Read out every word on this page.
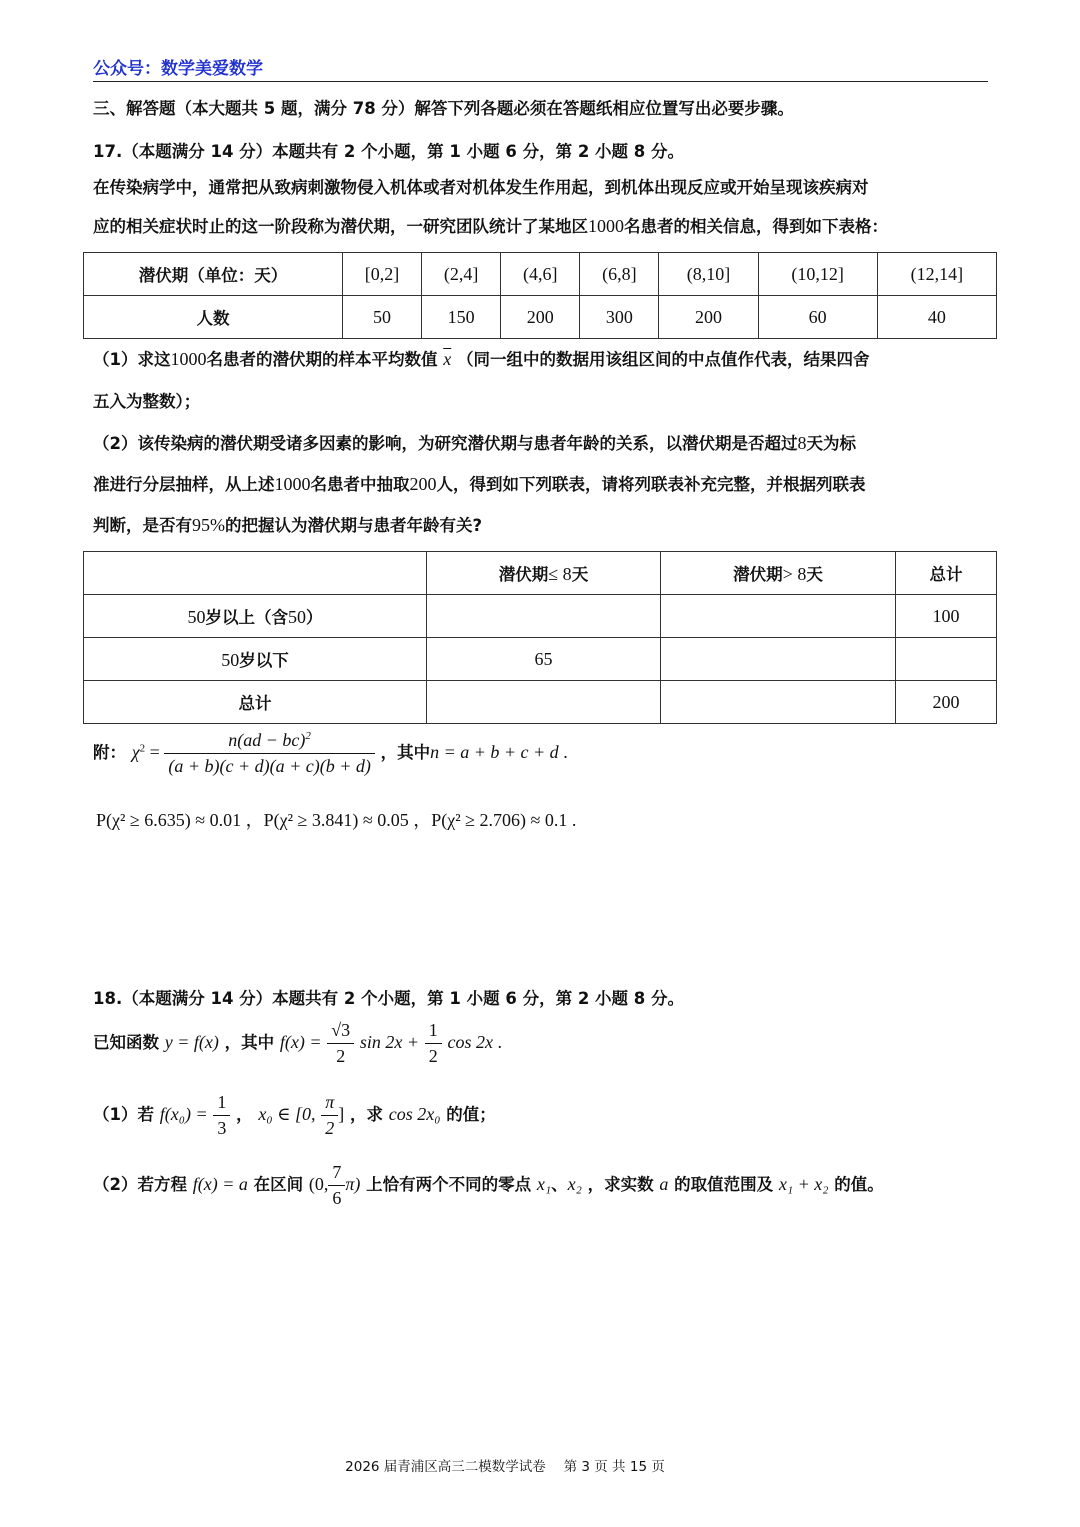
公众号：数学美爱数学
三、解答题（本大题共 5 题，满分 78 分）解答下列各题必须在答题纸相应位置写出必要步骤。
17.（本题满分 14 分）本题共有 2 个小题，第 1 小题 6 分，第 2 小题 8 分。
在传染病学中，通常把从致病刺激物侵入机体或者对机体发生作用起，到机体出现反应或开始呈现该疾病对
应的相关症状时止的这一阶段称为潜伏期，一研究团队统计了某地区1000名患者的相关信息，得到如下表格：
潜伏期（单位：天）	[0,2]	(2,4]	(4,6]	(6,8]	(8,10]	(10,12]	(12,14]
人数	50	150	200	300	200	60	40
（1）求这1000名患者的潜伏期的样本平均数值 $\overline{x}$ （同一组中的数据用该组区间的中点值作代表，结果四舍
五入为整数）；
（2）该传染病的潜伏期受诸多因素的影响，为研究潜伏期与患者年龄的关系，以潜伏期是否超过8天为标
准进行分层抽样，从上述1000名患者中抽取200人，得到如下列联表，请将列联表补充完整，并根据列联表
判断，是否有95%的把握认为潜伏期与患者年龄有关?
	潜伏期≤ 8天	潜伏期> 8天	总计
50岁以上（含50）			100
50岁以下	65		
总计			200
附： $\chi^2 = \frac{n(ad - bc)^2}{(a + b)(c + d)(a + c)(b + d)}$ ，其中n = a + b + c + d .
P(χ² ≥ 6.635) ≈ 0.01 ，P(χ² ≥ 3.841) ≈ 0.05 ，P(χ² ≥ 2.706) ≈ 0.1 .
18.（本题满分 14 分）本题共有 2 个小题，第 1 小题 6 分，第 2 小题 8 分。
已知函数 y = f(x) ，其中 $f(x) = \frac{√3}{2}$ $\sin 2x + \frac{1}{2}$ cos 2x .
（1）若 $f(x_0) = \frac{1}{3}$ ， x₀ ∈ [0, $\frac{\pi}{2}$ ] ，求 cos 2x₀ 的值；
（2）若方程 f(x) = a 在区间 (0, $\frac{7}{6} \pi$) 上恰有两个不同的零点 x₁、x₂ ，求实数 a 的取值范围及 x₁ + x₂ 的值。
2026 届青浦区高三二模数学试卷　 第 3 页 共 15 页
